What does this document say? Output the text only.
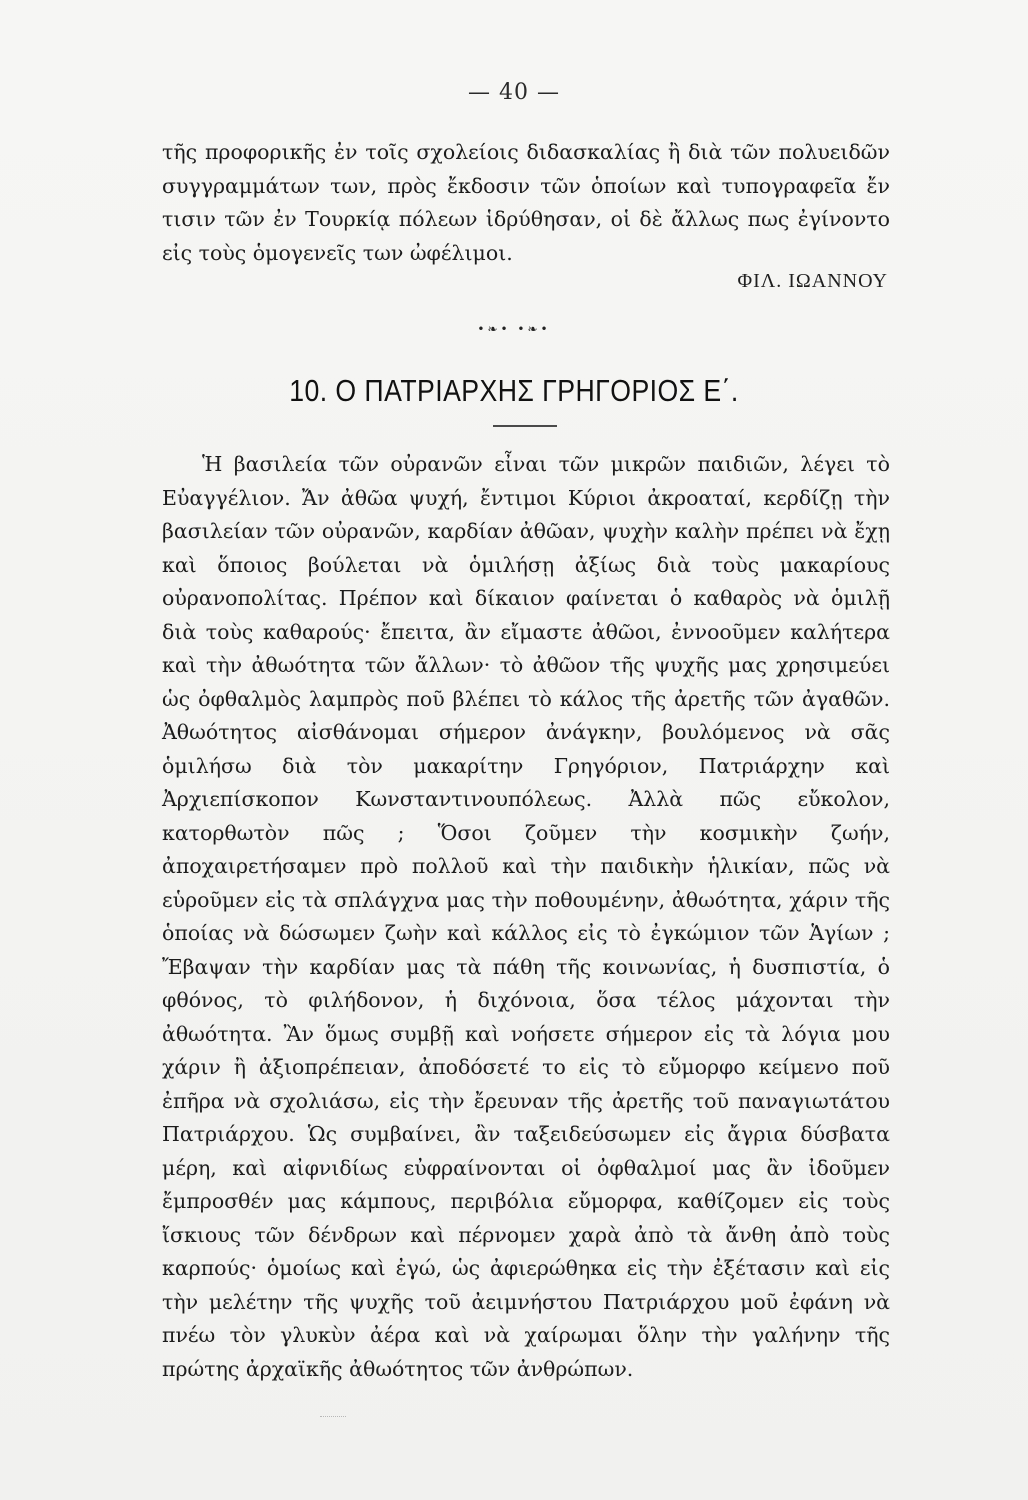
— 40 —
τῆς προφορικῆς ἐν τοῖς σχολείοις διδασκαλίας ἢ διὰ τῶν πολυειδῶν συγγραμμάτων των, πρὸς ἔκδοσιν τῶν ὁποίων καὶ τυπογραφεῖα ἔν τισιν τῶν ἐν Τουρκίᾳ πόλεων ἱδρύθησαν, οἱ δὲ ἄλλως πως ἐγίνοντο εἰς τοὺς ὁμογενεῖς των ὠφέλιμοι.
ΦΙΛ. ΙΩΑΝΝΟΥ
•❧• •❧•
10. Ο ΠΑΤΡΙΑΡΧΗΣ ΓΡΗΓΟΡΙΟΣ Ε΄.
Ἡ βασιλεία τῶν οὐρανῶν εἶναι τῶν μικρῶν παιδιῶν, λέγει τὸ Εὐαγγέλιον. Ἄν ἀθῶα ψυχή, ἔντιμοι Κύριοι ἀκροαταί, κερδίζῃ τὴν βασιλείαν τῶν οὐρανῶν, καρδίαν ἀθῶαν, ψυχὴν καλὴν πρέπει νὰ ἔχῃ καὶ ὅποιος βούλεται νὰ ὁμιλήσῃ ἀξίως διὰ τοὺς μακαρίους οὐρανοπολίτας. Πρέπον καὶ δίκαιον φαίνεται ὁ καθαρὸς νὰ ὁμιλῇ διὰ τοὺς καθαρούς· ἔπειτα, ἂν εἴμαστε ἀθῶοι, ἐννοοῦμεν καλήτερα καὶ τὴν ἀθωότητα τῶν ἄλλων· τὸ ἀθῶον τῆς ψυχῆς μας χρησιμεύει ὡς ὀφθαλμὸς λαμπρὸς ποῦ βλέπει τὸ κάλος τῆς ἀρετῆς τῶν ἀγαθῶν. Ἀθωότητος αἰσθάνομαι σήμερον ἀνάγκην, βουλόμενος νὰ σᾶς ὁμιλήσω διὰ τὸν μακαρίτην Γρηγόριον, Πατριάρχην καὶ Ἀρχιεπίσκοπον Κωνσταντινουπόλεως. Ἀλλὰ πῶς εὔκολον, κατορθωτὸν πῶς ; Ὅσοι ζοῦμεν τὴν κοσμικὴν ζωήν, ἀποχαιρετήσαμεν πρὸ πολλοῦ καὶ τὴν παιδικὴν ἡλικίαν, πῶς νὰ εὑροῦμεν εἰς τὰ σπλάγχνα μας τὴν ποθουμένην, ἀθωότητα, χάριν τῆς ὁποίας νὰ δώσωμεν ζωὴν καὶ κάλλος εἰς τὸ ἐγκώμιον τῶν Ἁγίων ; Ἔβαψαν τὴν καρδίαν μας τὰ πάθη τῆς κοινωνίας, ἡ δυσπιστία, ὁ φθόνος, τὸ φιλήδονον, ἡ διχόνοια, ὅσα τέλος μάχονται τὴν ἀθωότητα. Ἂν ὅμως συμβῇ καὶ νοήσετε σήμερον εἰς τὰ λόγια μου χάριν ἢ ἀξιοπρέπειαν, ἀποδόσετέ το εἰς τὸ εὔμορφο κείμενο ποῦ ἐπῆρα νὰ σχολιάσω, εἰς τὴν ἔρευναν τῆς ἀρετῆς τοῦ παναγιωτάτου Πατριάρχου. Ὡς συμβαίνει, ἂν ταξειδεύσωμεν εἰς ἄγρια δύσβατα μέρη, καὶ αἰφνιδίως εὐφραίνονται οἱ ὀφθαλμοί μας ἂν ἰδοῦμεν ἔμπροσθέν μας κάμπους, περιβόλια εὔμορφα, καθίζομεν εἰς τοὺς ἴσκιους τῶν δένδρων καὶ πέρνομεν χαρὰ ἀπὸ τὰ ἄνθη ἀπὸ τοὺς καρπούς· ὁμοίως καὶ ἐγώ, ὡς ἀφιερώθηκα εἰς τὴν ἐξέτασιν καὶ εἰς τὴν μελέτην τῆς ψυχῆς τοῦ ἀειμνήστου Πατριάρχου μοῦ ἐφάνη νὰ πνέω τὸν γλυκὺν ἀέρα καὶ νὰ χαίρωμαι ὅλην τὴν γαλήνην τῆς πρώτης ἀρχαϊκῆς ἀθωότητος τῶν ἀνθρώπων.
